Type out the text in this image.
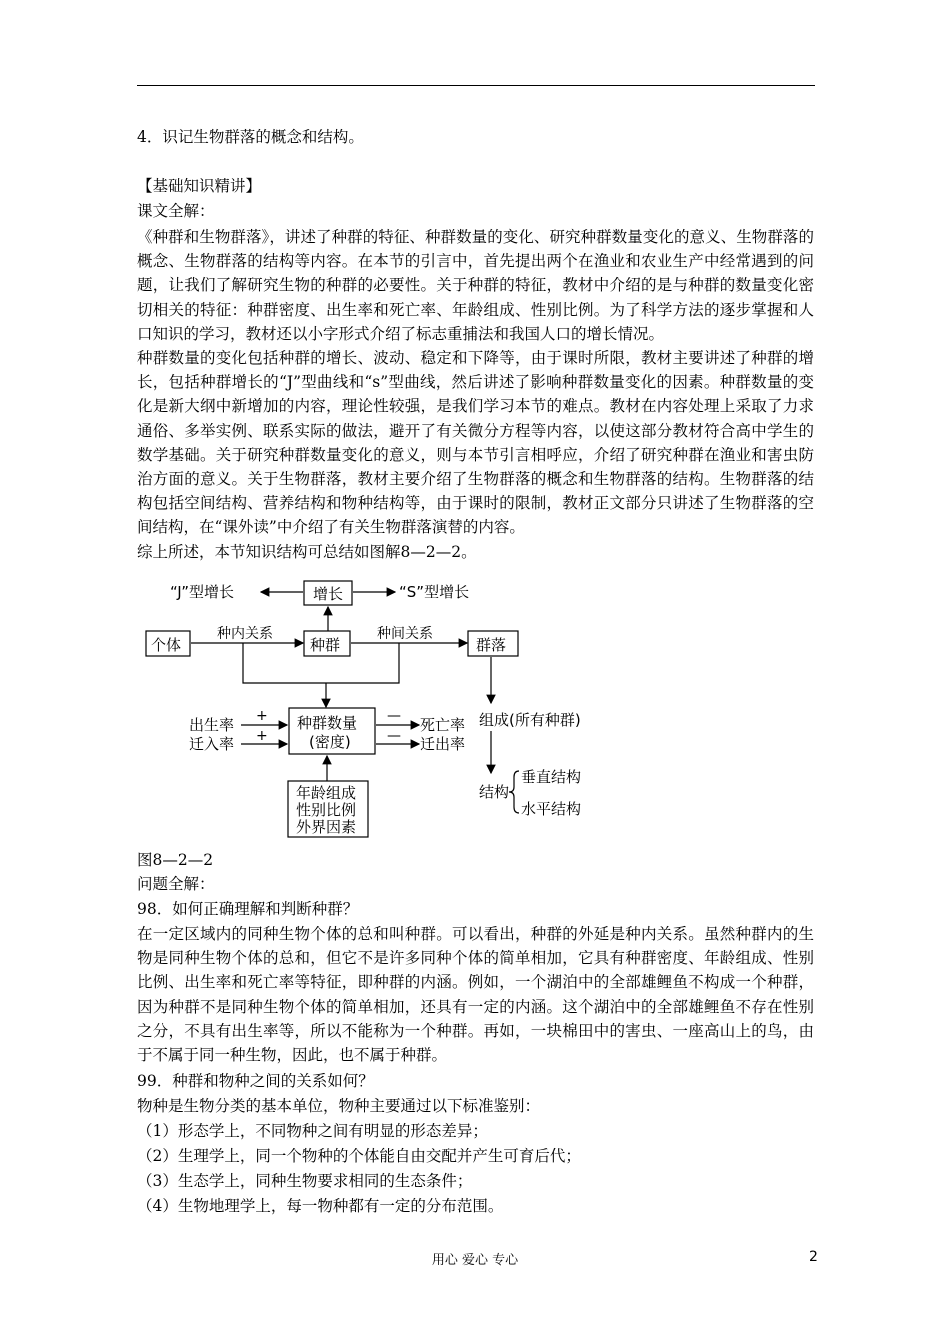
4．识记生物群落的概念和结构。
【基础知识精讲】
课文全解：

《种群和生物群落》，讲述了种群的特征、种群数量的变化、研究种群数量变化的意义、生物群落的概念、生物群落的结构等内容。在本节的引言中，首先提出两个在渔业和农业生产中经常遇到的问题，让我们了解研究生物的种群的必要性。关于种群的特征，教材中介绍的是与种群的数量变化密切相关的特征：种群密度、出生率和死亡率、年龄组成、性别比例。为了科学方法的逐步掌握和人口知识的学习，教材还以小字形式介绍了标志重捕法和我国人口的增长情况。

种群数量的变化包括种群的增长、波动、稳定和下降等，由于课时所限，教材主要讲述了种群的增长，包括种群增长的“J”型曲线和“s”型曲线，然后讲述了影响种群数量变化的因素。种群数量的变化是新大纲中新增加的内容，理论性较强，是我们学习本节的难点。教材在内容处理上采取了力求通俗、多举实例、联系实际的做法，避开了有关微分方程等内容，以使这部分教材符合高中学生的数学基础。关于研究种群数量变化的意义，则与本节引言相呼应，介绍了研究种群在渔业和害虫防治方面的意义。关于生物群落，教材主要介绍了生物群落的概念和生物群落的结构。生物群落的结构包括空间结构、营养结构和物种结构等，由于课时的限制，教材正文部分只讲述了生物群落的空间结构，在“课外读”中介绍了有关生物群落演替的内容。

综上所述，本节知识结构可总结如图解8—2—2。

“J”型增长	增长	“S”型增长
个体
种内关系
种群
种间关系
群落
种群数量
(密度)
出生率
迁入率
+
+
—
—
死亡率
迁出率
年龄组成
性别比例
外界因素
组成(所有种群)
结构
垂直结构
水平结构
图8—2—2
问题全解：
98．如何正确理解和判断种群？

在一定区域内的同种生物个体的总和叫种群。可以看出，种群的外延是种内关系。虽然种群内的生物是同种生物个体的总和，但它不是许多同种个体的简单相加，它具有种群密度、年龄组成、性别比例、出生率和死亡率等特征，即种群的内涵。例如，一个湖泊中的全部雄鲤鱼不构成一个种群，因为种群不是同种生物个体的简单相加，还具有一定的内涵。这个湖泊中的全部雄鲤鱼不存在性别之分，不具有出生率等，所以不能称为一个种群。再如，一块棉田中的害虫、一座高山上的鸟，由于不属于同一种生物，因此，也不属于种群。

99．种群和物种之间的关系如何？
物种是生物分类的基本单位，物种主要通过以下标准鉴别：
（1）形态学上，不同物种之间有明显的形态差异；
（2）生理学上，同一个物种的个体能自由交配并产生可育后代；
（3）生态学上，同种生物要求相同的生态条件；
（4）生物地理学上，每一物种都有一定的分布范围。
用心 爱心 专心	2
